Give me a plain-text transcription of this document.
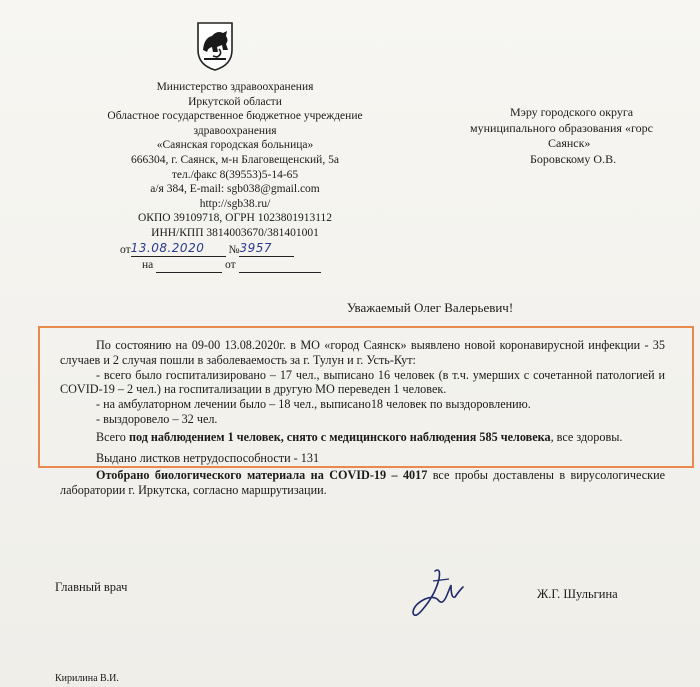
Министерство здравоохранения
Иркутской области
Областное государственное бюджетное учреждение
здравоохранения
«Саянская городская больница»
666304, г. Саянск, м-н Благовещенский, 5а
тел./факс 8(39553)5-14-65
а/я 384, E-mail: sgb038@gmail.com
http://sgb38.ru/
ОКПО 39109718, ОГРН 1023801913112
ИНН/КПП 3814003670/381401001
от13.08.2020 №3957
на	от
Мэру городского округа
муниципального образования «горс
Саянск»
Боровскому О.В.
Уважаемый Олег Валерьевич!

По состоянию на 09-00 13.08.2020г. в МО «город Саянск» выявлено новой коронавирусной инфекции - 35 случаев и 2 случая пошли в заболеваемость за г. Тулун и г. Усть-Кут:

- всего было госпитализировано – 17 чел., выписано 16 человек (в т.ч. умерших с сочетанной патологией и COVID-19 – 2 чел.) на госпитализации в другую МО переведен 1 человек.

- на амбулаторном лечении было – 18 чел., выписано18 человек по выздоровлению.

- выздоровело – 32 чел.

Всего под наблюдением 1 человек, снято с медицинского наблюдения 585 человека, все здоровы.

Выдано листков нетрудоспособности - 131

Отобрано биологического материала на COVID-19 – 4017 все пробы доставлены в вирусологические лаборатории г. Иркутска, согласно маршрутизации.

Главный врач	Ж.Г. Шульгина
Кирилина В.И.
